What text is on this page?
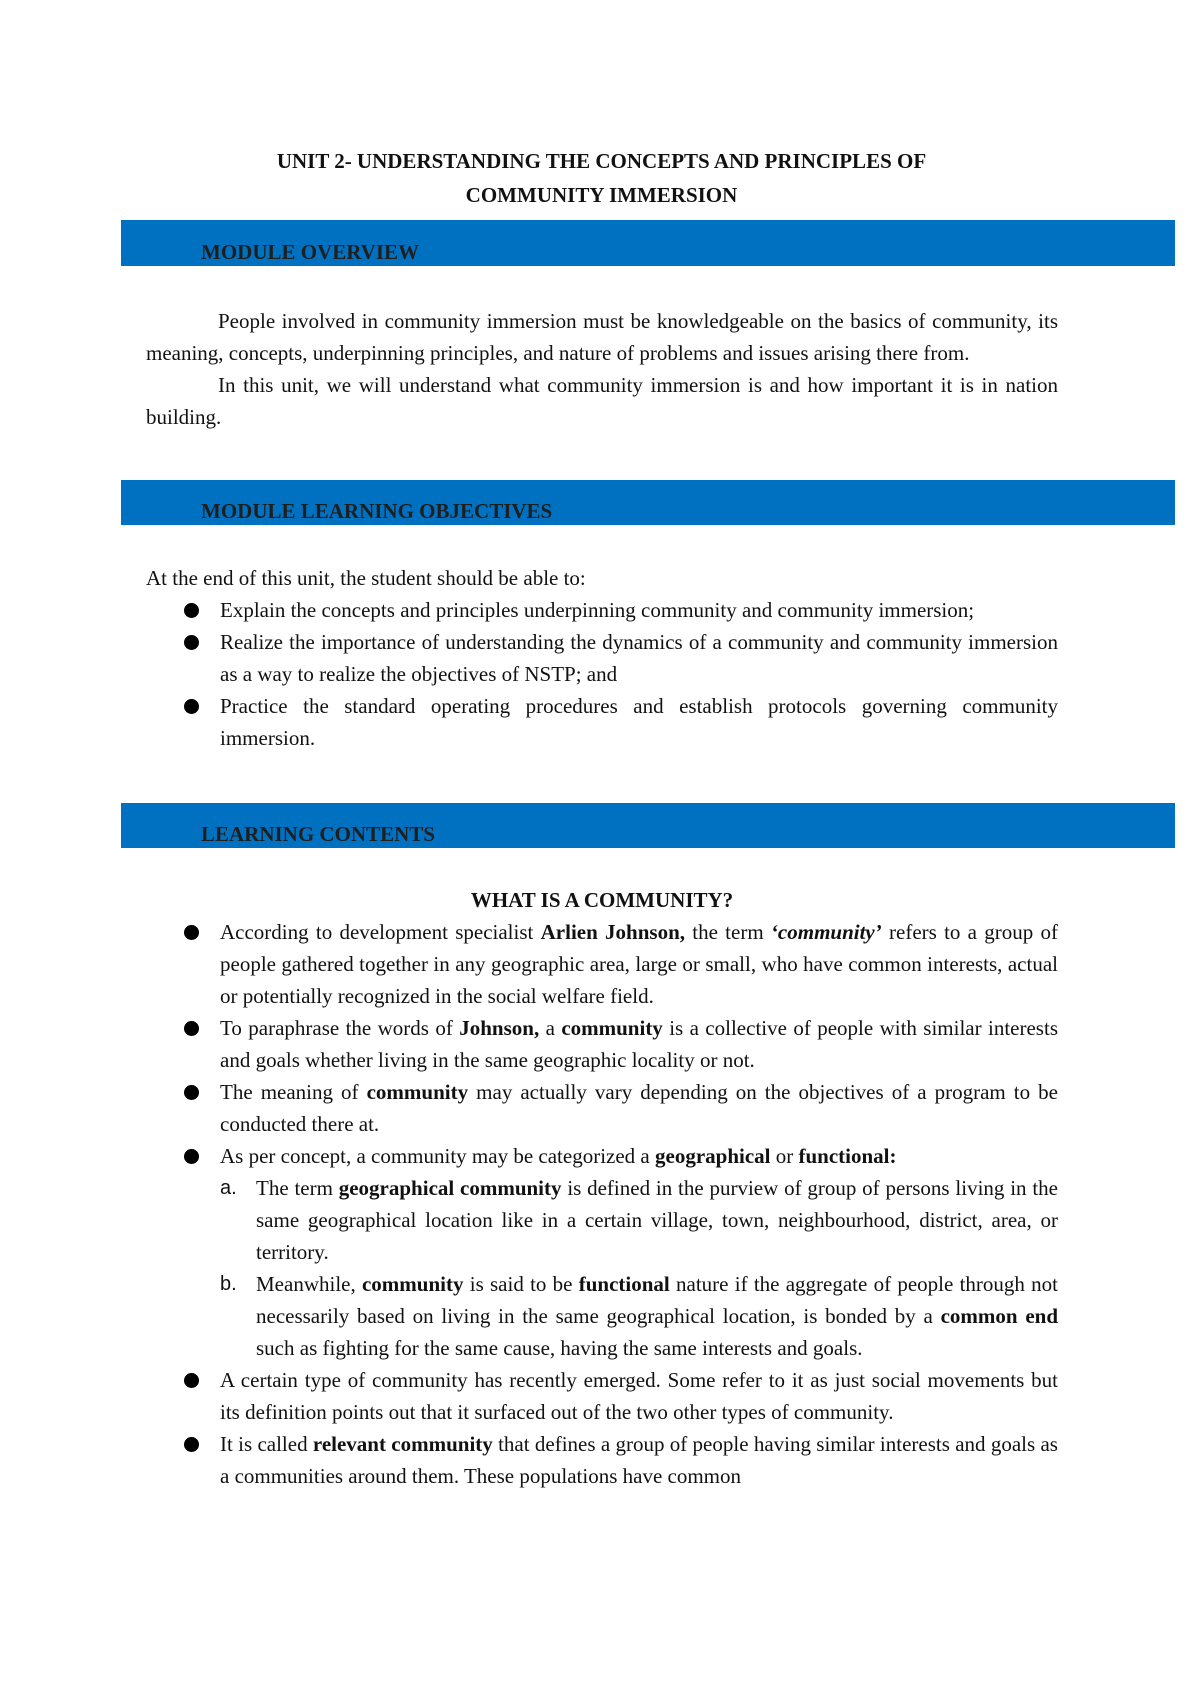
UNIT 2- UNDERSTANDING THE CONCEPTS AND PRINCIPLES OF
COMMUNITY IMMERSION
MODULE OVERVIEW

People involved in community immersion must be knowledgeable on the basics of community, its meaning, concepts, underpinning principles, and nature of problems and issues arising there from.

In this unit, we will understand what community immersion is and how important it is in nation building.

MODULE LEARNING OBJECTIVES

At the end of this unit, the student should be able to:

Explain the concepts and principles underpinning community and community immersion;

Realize the importance of understanding the dynamics of a community and community immersion as a way to realize the objectives of NSTP; and

Practice the standard operating procedures and establish protocols governing community immersion.

LEARNING CONTENTS

WHAT IS A COMMUNITY?

According to development specialist Arlien Johnson, the term ‘community’ refers to a group of people gathered together in any geographic area, large or small, who have common interests, actual or potentially recognized in the social welfare field.

To paraphrase the words of Johnson, a community is a collective of people with similar interests and goals whether living in the same geographic locality or not.

The meaning of community may actually vary depending on the objectives of a program to be conducted there at.

As per concept, a community may be categorized a geographical or functional:

a. The term geographical community is defined in the purview of group of persons living in the same geographical location like in a certain village, town, neighbourhood, district, area, or territory.

b. Meanwhile, community is said to be functional nature if the aggregate of people through not necessarily based on living in the same geographical location, is bonded by a common end such as fighting for the same cause, having the same interests and goals.

A certain type of community has recently emerged. Some refer to it as just social movements but its definition points out that it surfaced out of the two other types of community.

It is called relevant community that defines a group of people having similar interests and goals as a communities around them. These populations have common
